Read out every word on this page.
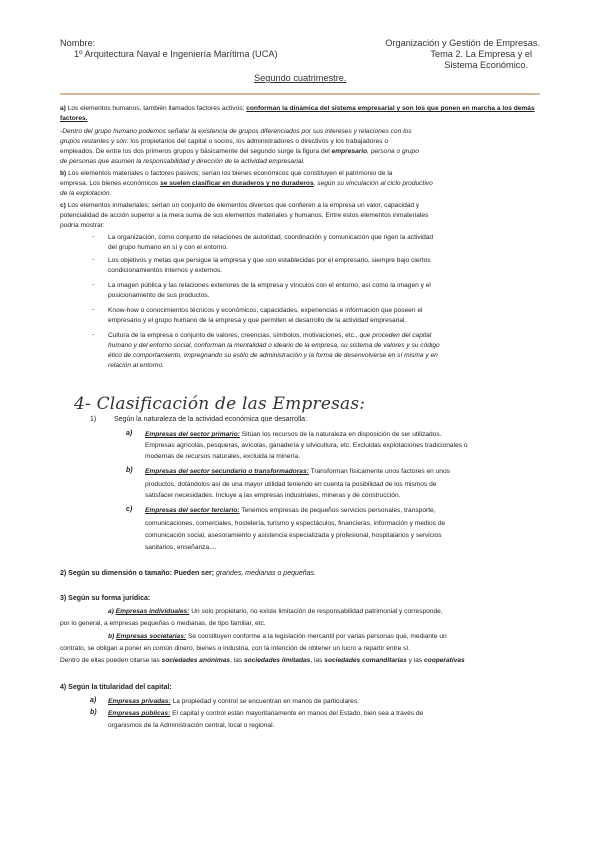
Nombre:
1º Arquitectura Naval e Ingeniería Marítima (UCA)
Organización y Gestión de Empresas.
Tema 2. La Empresa y el
Sistema Económico.
Segundo cuatrimestre.
a) Los elementos humanos, también llamados factores activos; conforman la dinámica del sistema empresarial y son los que ponen en marcha a los demás factores.
-Dentro del grupo humano podemos señalar la existencia de grupos diferenciados por sus intereses y relaciones con los
grupos restantes y son: los propietarios del capital o socios, los administradores o directivos y los trabajadores o
empleados. De entre los dos primeros grupos y básicamente del segundo surge la figura del empresario, persona o grupo
de personas que asumen la responsabilidad y dirección de la actividad empresarial.
b) Los elementos materiales o factores pasivos; serían los bienes económicos que constituyen el patrimonio de la
empresa. Los bienes económicos se suelen clasificar en duraderos y no duraderos, según su vinculación al ciclo productivo
de la explotación.
c) Los elementos inmateriales; serían un conjunto de elementos diversos que confieren a la empresa un valor, capacidad y
potencialidad de acción superior a la mera suma de sus elementos materiales y humanos. Entre estos elementos inmateriales
podría mostrar:
- La organización, como conjunto de relaciones de autoridad, coordinación y comunicación que rigen la actividad
del grupo humano en sí y con el entorno.
- Los objetivos y metas que persigue la empresa y que son establecidas por el empresario, siempre bajo ciertos
condicionamientos internos y externos.
- La imagen pública y las relaciones exteriores de la empresa y vínculos con el entorno, así como la imagen y el
posicionamiento de sus productos.
- Know-how o conocimientos técnicos y económicos, capacidades, experiencias e información que poseen el
empresario y el grupo humano de la empresa y que permiten el desarrollo de la actividad empresarial.
- Cultura de la empresa o conjunto de valores, creencias, símbolos, motivaciones, etc., que proceden del capital
humano y del entorno social, conforman la mentalidad o ideario de la empresa, su sistema de valores y su código
ético de comportamiento, impregnando su estilo de administración y la forma de desenvolverse en sí misma y en
relación al entorno.
4- Clasificación de las Empresas:
1)	Según la naturaleza de la actividad económica que desarrolla:
a) Empresas del sector primario: Sitúan los recursos de la naturaleza en disposición de ser utilizados.
Empresas agrícolas, pesqueras, avícolas, ganadería y silvicultura, etc. Excluidas explotaciones tradicionales o
modernas de recursos naturales, excluida la minería.
b) Empresas del sector secundario o transformadoras: Transforman físicamente unos factores en unos
productos, dotándolos así de una mayor utilidad teniendo en cuenta la posibilidad de los mismos de
satisfacer necesidades. Incluye a las empresas industriales, mineras y de construcción.
c) Empresas del sector terciario: Tenemos empresas de pequeños servicios personales, transporte,
comunicaciones, comerciales, hostelería, turismo y espectáculos, financieras, información y medios de
comunicación social, asesoramiento y asistencia especializada y profesional, hospitalarios y servicios
sanitarios, enseñanza....
2) Según su dimensión o tamaño: Pueden ser; grandes, medianas o pequeñas.
3) Según su forma jurídica:
a) Empresas individuales: Un solo propietario, no existe limitación de responsabilidad patrimonial y corresponde,
por lo general, a empresas pequeñas o medianas, de tipo familiar, etc.
b) Empresas societarias: Se constituyen conforme a la legislación mercantil por varias personas que, mediante un
contrato, se obligan a poner en común dinero, bienes o industria, con la intención de obtener un lucro a repartir entre sí.
Dentro de ellas pueden citarse las sociedades anónimas, las sociedades limitadas, las sociedades comanditarias y las cooperativas
4) Según la titularidad del capital:
a) Empresas privadas: La propiedad y control se encuentran en manos de particulares.
b) Empresas públicas: El capital y control están mayoritariamente en manos del Estado, bien sea a través de
organismos de la Administración central, local o regional.
